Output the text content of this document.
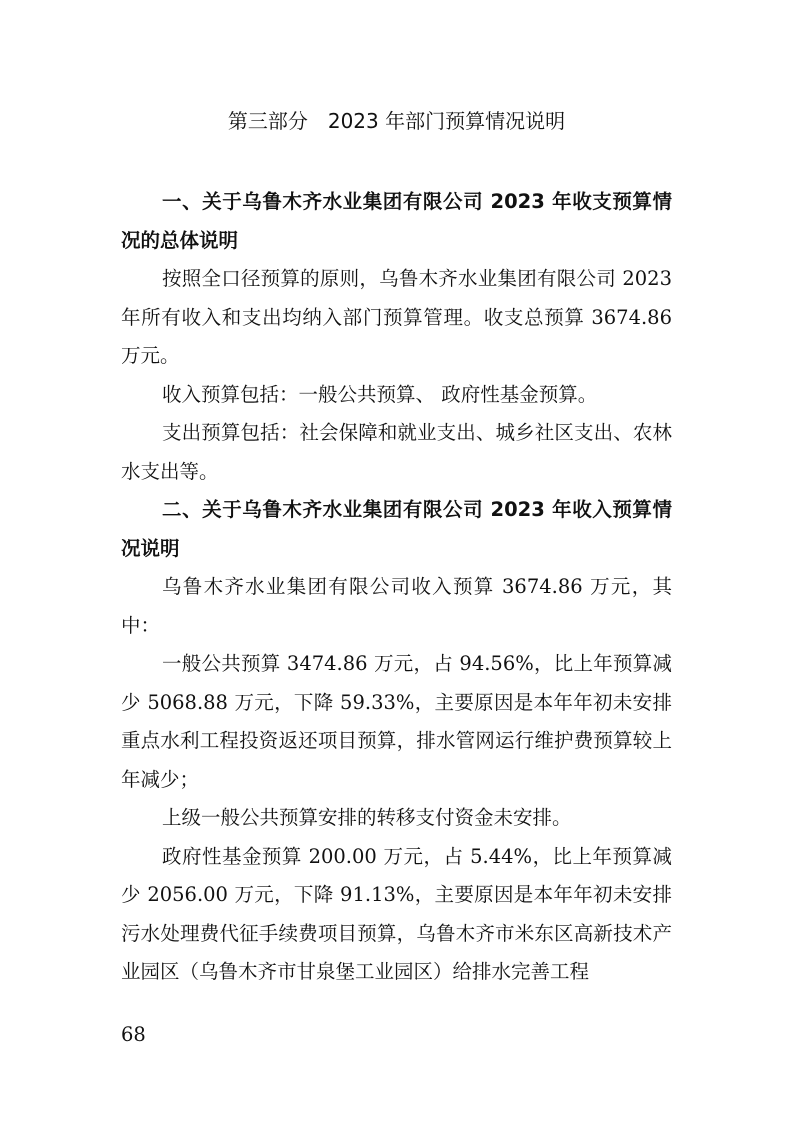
第三部分　2023 年部门预算情况说明

一、关于乌鲁木齐水业集团有限公司 2023 年收支预算情况的总体说明

按照全口径预算的原则，乌鲁木齐水业集团有限公司 2023 年所有收入和支出均纳入部门预算管理。收支总预算 3674.86 万元。

收入预算包括：一般公共预算、 政府性基金预算。

支出预算包括：社会保障和就业支出、城乡社区支出、农林水支出等。

二、关于乌鲁木齐水业集团有限公司 2023 年收入预算情况说明

乌鲁木齐水业集团有限公司收入预算 3674.86 万元，其中：

一般公共预算 3474.86 万元，占 94.56%，比上年预算减少 5068.88 万元，下降 59.33%，主要原因是本年年初未安排重点水利工程投资返还项目预算，排水管网运行维护费预算较上年减少；

上级一般公共预算安排的转移支付资金未安排。

政府性基金预算 200.00 万元，占 5.44%，比上年预算减少 2056.00 万元，下降 91.13%，主要原因是本年年初未安排污水处理费代征手续费项目预算，乌鲁木齐市米东区高新技术产业园区（乌鲁木齐市甘泉堡工业园区）给排水完善工程

68
